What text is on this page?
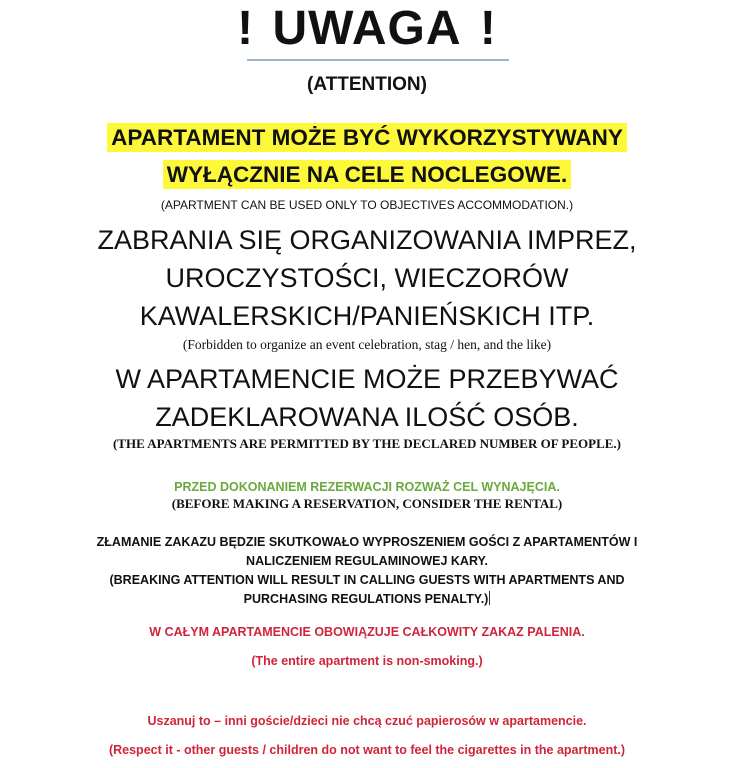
! UWAGA !
(ATTENTION)
APARTAMENT MOŻE BYĆ WYKORZYSTYWANY
WYŁĄCZNIE NA CELE NOCLEGOWE.
(APARTMENT CAN BE USED ONLY TO OBJECTIVES ACCOMMODATION.)
ZABRANIA SIĘ ORGANIZOWANIA IMPREZ,
UROCZYSTOŚCI, WIECZORÓW
KAWALERSKICH/PANIEŃSKICH ITP.
(Forbidden to organize an event celebration, stag / hen, and the like)
W APARTAMENCIE MOŻE PRZEBYWAĆ
ZADEKLAROWANA ILOŚĆ OSÓB.
(THE APARTMENTS ARE PERMITTED BY THE DECLARED NUMBER OF PEOPLE.)
PRZED DOKONANIEM REZERWACJI ROZWAŻ CEL WYNAJĘCIA.
(BEFORE MAKING A RESERVATION, CONSIDER THE RENTAL)
ZŁAMANIE ZAKAZU BĘDZIE SKUTKOWAŁO WYPROSZENIEM GOŚCI Z APARTAMENTÓW I
NALICZENIEM REGULAMINOWEJ KARY.
(BREAKING ATTENTION WILL RESULT IN CALLING GUESTS WITH APARTMENTS AND
PURCHASING REGULATIONS PENALTY.)
W CAŁYM APARTAMENCIE OBOWIĄZUJE CAŁKOWITY ZAKAZ PALENIA.
(The entire apartment is non-smoking.)
Uszanuj to – inni goście/dzieci nie chcą czuć papierosów w apartamencie.
(Respect it - other guests / children do not want to feel the cigarettes in the apartment.)
